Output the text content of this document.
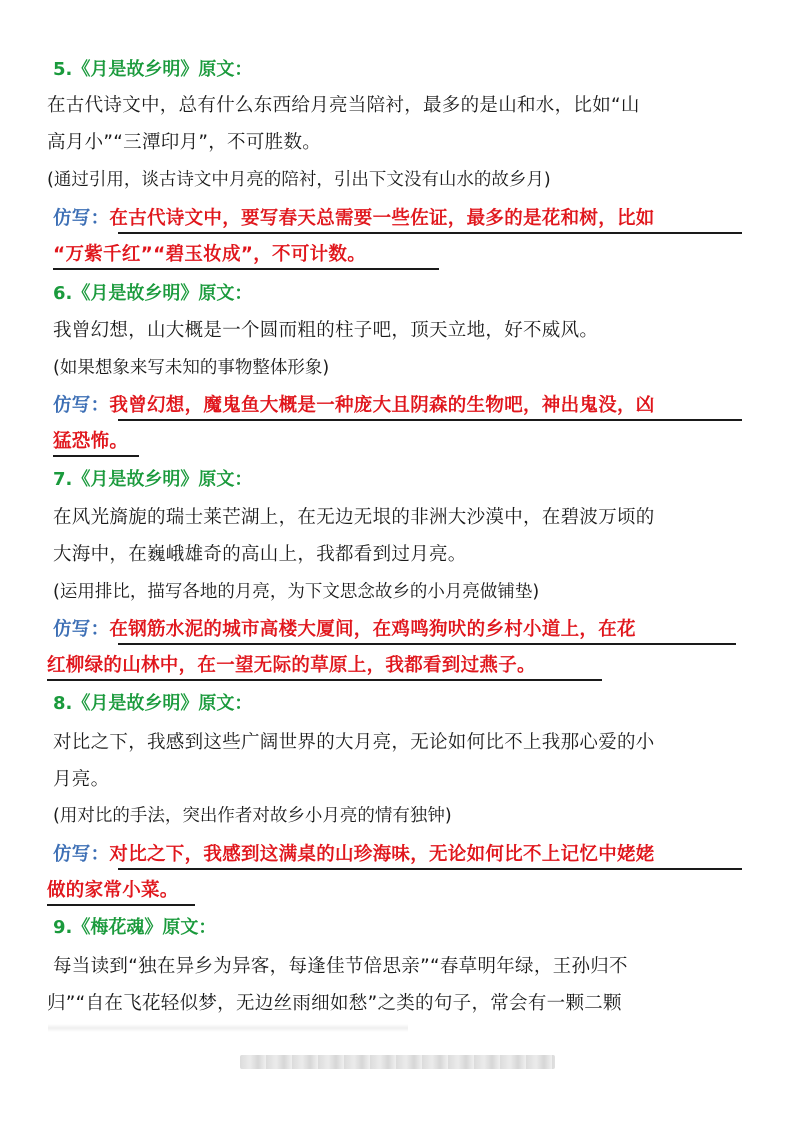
5.《月是故乡明》原文：
在古代诗文中，总有什么东西给月亮当陪衬，最多的是山和水，比如“山
高月小”“三潭印月”，不可胜数。
(通过引用，谈古诗文中月亮的陪衬，引出下文没有山水的故乡月)
仿写：在古代诗文中，要写春天总需要一些佐证，最多的是花和树，比如
“万紫千红”“碧玉妆成”，不可计数。
6.《月是故乡明》原文：
我曾幻想，山大概是一个圆而粗的柱子吧，顶天立地，好不威风。
(如果想象来写未知的事物整体形象)
仿写：我曾幻想，魔鬼鱼大概是一种庞大且阴森的生物吧，神出鬼没，凶
猛恐怖。
7.《月是故乡明》原文：
在风光旖旎的瑞士莱芒湖上，在无边无垠的非洲大沙漠中，在碧波万顷的
大海中，在巍峨雄奇的高山上，我都看到过月亮。
(运用排比，描写各地的月亮，为下文思念故乡的小月亮做铺垫)
仿写：在钢筋水泥的城市高楼大厦间，在鸡鸣狗吠的乡村小道上，在花
红柳绿的山林中，在一望无际的草原上，我都看到过燕子。
8.《月是故乡明》原文：
对比之下，我感到这些广阔世界的大月亮，无论如何比不上我那心爱的小
月亮。
(用对比的手法，突出作者对故乡小月亮的情有独钟)
仿写：对比之下，我感到这满桌的山珍海味，无论如何比不上记忆中姥姥
做的家常小菜。
9.《梅花魂》原文：
每当读到“独在异乡为异客，每逢佳节倍思亲”“春草明年绿，王孙归不
归”“自在飞花轻似梦，无边丝雨细如愁”之类的句子，常会有一颗二颗
